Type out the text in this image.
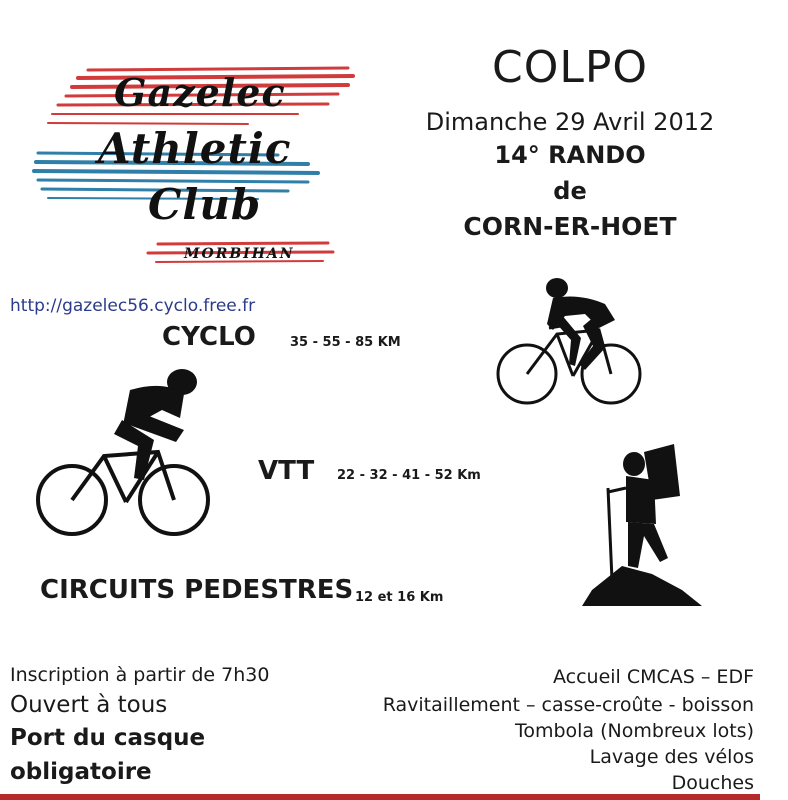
Gazelec
Athletic
Club
MORBIHAN
COLPO
Dimanche 29 Avril 2012
14° RANDO
de
CORN-ER-HOET
http://gazelec56.cyclo.free.fr
CYCLO	35 - 55 - 85 KM
VTT 22 - 32 - 41 - 52 Km
CIRCUITS PEDESTRES 12 et 16 Km
Inscription à partir de 7h30
Ouvert à tous
Port du casque
obligatoire
Accueil CMCAS – EDF
Ravitaillement – casse-croûte - boisson
Tombola (Nombreux lots)
Lavage des vélos
Douches
